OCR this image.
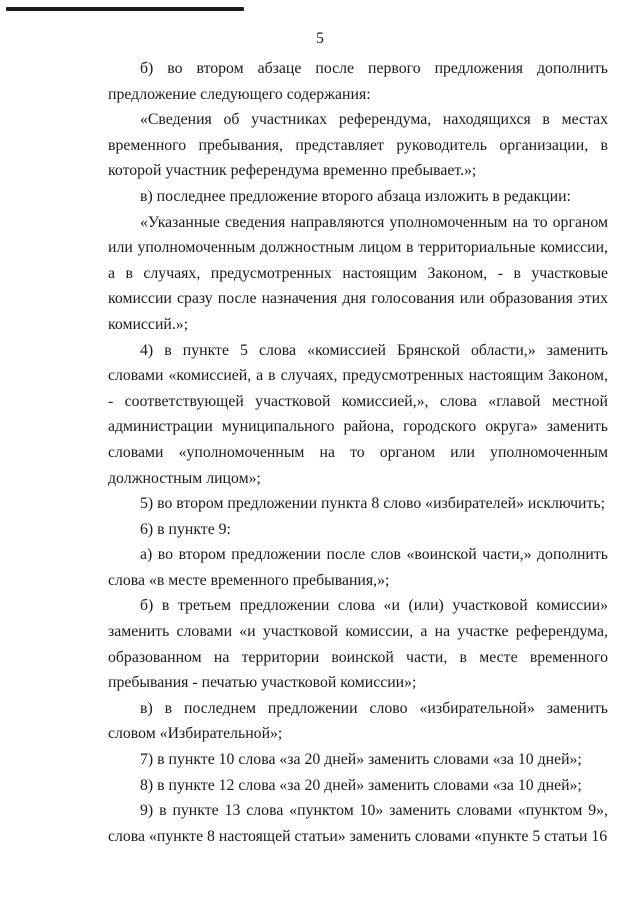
5

б) во втором абзаце после первого предложения дополнить предложение следующего содержания:

«Сведения об участниках референдума, находящихся в местах временного пребывания, представляет руководитель организации, в которой участник референдума временно пребывает.»;

в) последнее предложение второго абзаца изложить в редакции:

«Указанные сведения направляются уполномоченным на то органом или уполномоченным должностным лицом в территориальные комиссии, а в случаях, предусмотренных настоящим Законом, - в участковые комиссии сразу после назначения дня голосования или образования этих комиссий.»;

4) в пункте 5 слова «комиссией Брянской области,» заменить словами «комиссией, а в случаях, предусмотренных настоящим Законом, - соответствующей участковой комиссией,», слова «главой местной администрации муниципального района, городского округа» заменить словами «уполномоченным на то органом или уполномоченным должностным лицом»;

5) во втором предложении пункта 8 слово «избирателей» исключить;

6) в пункте 9:

а) во втором предложении после слов «воинской части,» дополнить слова «в месте временного пребывания,»;

б) в третьем предложении слова «и (или) участковой комиссии» заменить словами «и участковой комиссии, а на участке референдума, образованном на территории воинской части, в месте временного пребывания - печатью участковой комиссии»;

в) в последнем предложении слово «избирательной» заменить словом «Избирательной»;

7) в пункте 10 слова «за 20 дней» заменить словами «за 10 дней»;

8) в пункте 12 слова «за 20 дней» заменить словами «за 10 дней»;

9) в пункте 13 слова «пунктом 10» заменить словами «пунктом 9», слова «пункте 8 настоящей статьи» заменить словами «пункте 5 статьи 16
